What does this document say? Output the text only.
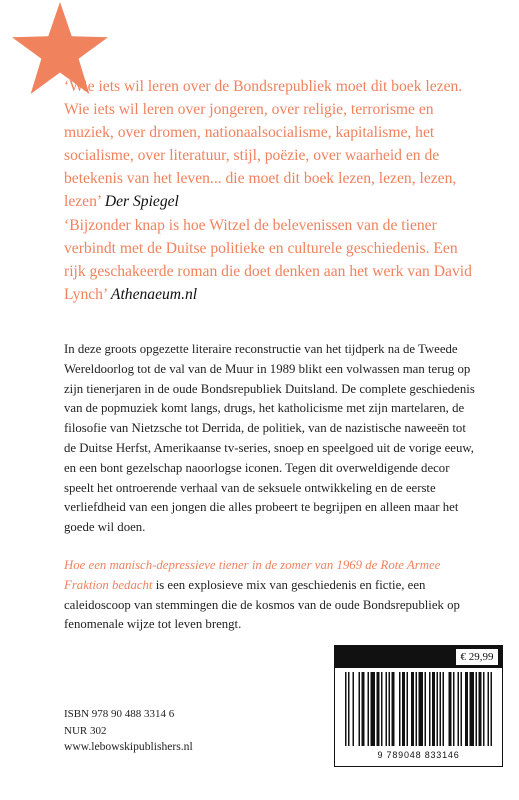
‘Wie iets wil leren over de Bondsrepubliek moet dit boek lezen. Wie iets wil leren over jongeren, over religie, terrorisme en muziek, over dromen, nationaalsocialisme, kapitalisme, het socialisme, over literatuur, stijl, poëzie, over waarheid en de betekenis van het leven... die moet dit boek lezen, lezen, lezen, lezen’ Der Spiegel
‘Bijzonder knap is hoe Witzel de belevenissen van de tiener verbindt met de Duitse politieke en culturele geschiedenis. Een rijk geschakeerde roman die doet denken aan het werk van David Lynch’ Athenaeum.nl
In deze groots opgezette literaire reconstructie van het tijdperk na de Tweede Wereldoorlog tot de val van de Muur in 1989 blikt een volwassen man terug op zijn tienerjaren in de oude Bondsrepubliek Duitsland. De complete geschiedenis van de popmuziek komt langs, drugs, het katholicisme met zijn martelaren, de filosofie van Nietzsche tot Derrida, de politiek, van de nazistische naweeën tot de Duitse Herfst, Amerikaanse tv-series, snoep en speelgoed uit de vorige eeuw, en een bont gezelschap naoorlogse iconen. Tegen dit overweldigende decor speelt het ontroerende verhaal van de seksuele ontwikkeling en de eerste verliefdheid van een jongen die alles probeert te begrijpen en alleen maar het goede wil doen.
Hoe een manisch-depressieve tiener in de zomer van 1969 de Rote Armee Fraktion bedacht is een explosieve mix van geschiedenis en fictie, een caleidoscoop van stemmingen die de kosmos van de oude Bondsrepubliek op fenomenale wijze tot leven brengt.
ISBN 978 90 488 3314 6
NUR 302
www.lebowskipublishers.nl
€ 29,99
9 789048 833146
